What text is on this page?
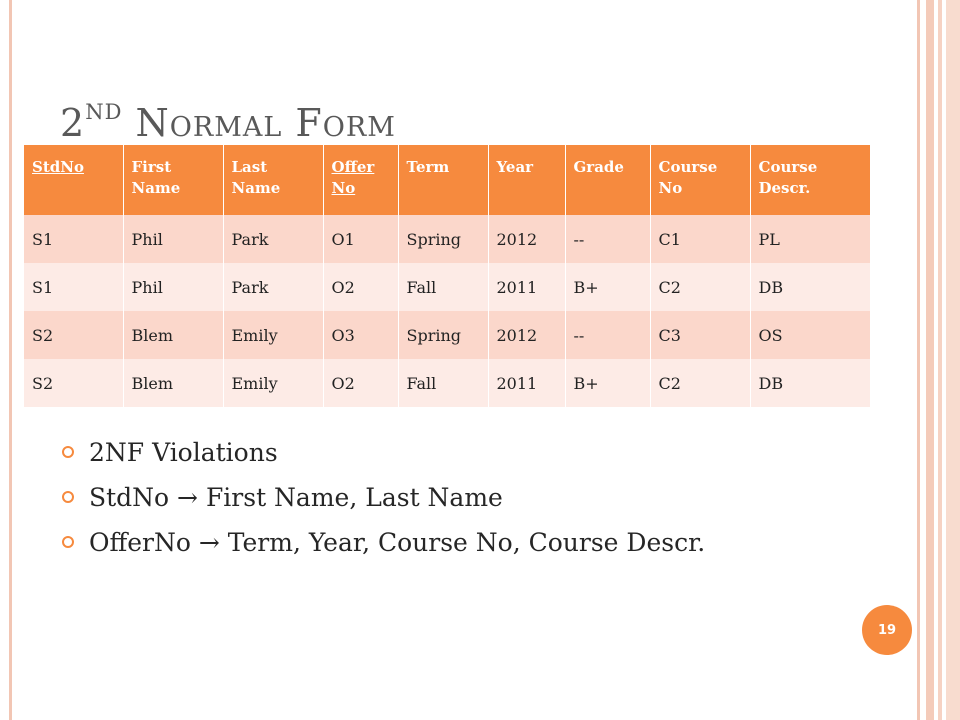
2ND NORMAL FORM
StdNo	First Name	Last Name	Offer No	Term	Year	Grade	Course No	Course Descr.
S1	Phil	Park	O1	Spring	2012	--	C1	PL
S1	Phil	Park	O2	Fall	2011	B+	C2	DB
S2	Blem	Emily	O3	Spring	2012	--	C3	OS
S2	Blem	Emily	O2	Fall	2011	B+	C2	DB
2NF Violations
StdNo → First Name, Last Name
OfferNo → Term, Year, Course No, Course Descr.
19
